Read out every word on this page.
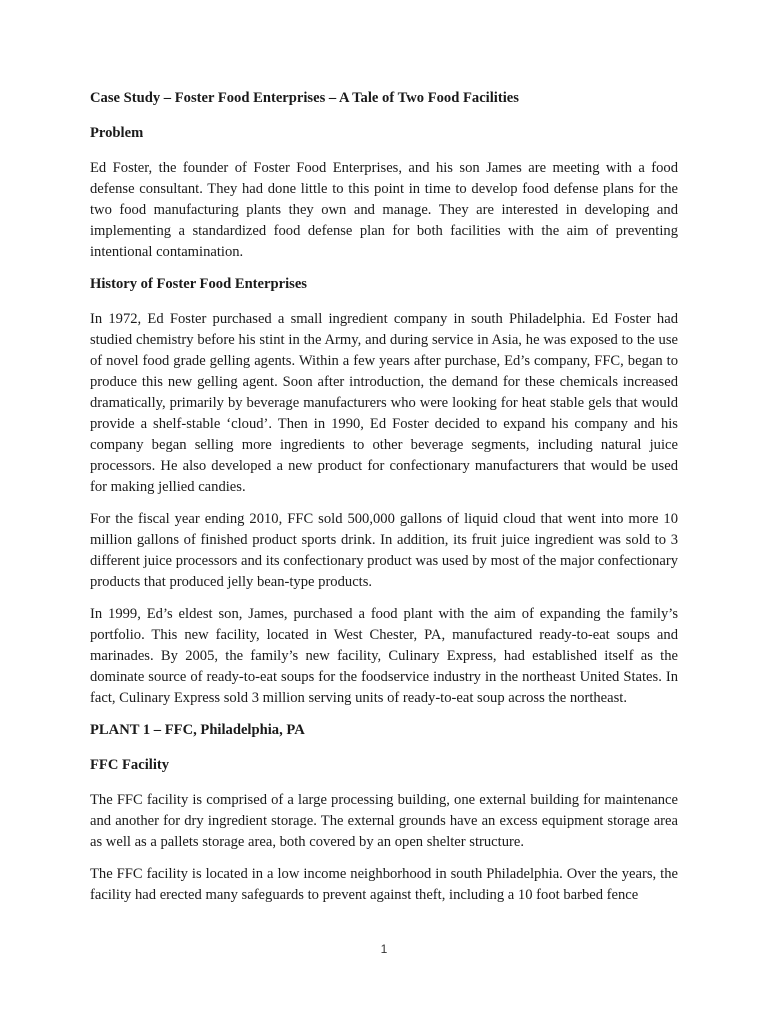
Case Study – Foster Food Enterprises – A Tale of Two Food Facilities

Problem

Ed Foster, the founder of Foster Food Enterprises, and his son James are meeting with a food defense consultant. They had done little to this point in time to develop food defense plans for the two food manufacturing plants they own and manage. They are interested in developing and implementing a standardized food defense plan for both facilities with the aim of preventing intentional contamination.

History of Foster Food Enterprises

In 1972, Ed Foster purchased a small ingredient company in south Philadelphia. Ed Foster had studied chemistry before his stint in the Army, and during service in Asia, he was exposed to the use of novel food grade gelling agents. Within a few years after purchase, Ed’s company, FFC, began to produce this new gelling agent. Soon after introduction, the demand for these chemicals increased dramatically, primarily by beverage manufacturers who were looking for heat stable gels that would provide a shelf-stable ‘cloud’. Then in 1990, Ed Foster decided to expand his company and his company began selling more ingredients to other beverage segments, including natural juice processors. He also developed a new product for confectionary manufacturers that would be used for making jellied candies.

For the fiscal year ending 2010, FFC sold 500,000 gallons of liquid cloud that went into more 10 million gallons of finished product sports drink. In addition, its fruit juice ingredient was sold to 3 different juice processors and its confectionary product was used by most of the major confectionary products that produced jelly bean-type products.

In 1999, Ed’s eldest son, James, purchased a food plant with the aim of expanding the family’s portfolio. This new facility, located in West Chester, PA, manufactured ready-to-eat soups and marinades. By 2005, the family’s new facility, Culinary Express, had established itself as the dominate source of ready-to-eat soups for the foodservice industry in the northeast United States. In fact, Culinary Express sold 3 million serving units of ready-to-eat soup across the northeast.

PLANT 1 – FFC, Philadelphia, PA

FFC Facility

The FFC facility is comprised of a large processing building, one external building for maintenance and another for dry ingredient storage. The external grounds have an excess equipment storage area as well as a pallets storage area, both covered by an open shelter structure.

The FFC facility is located in a low income neighborhood in south Philadelphia. Over the years, the facility had erected many safeguards to prevent against theft, including a 10 foot barbed fence

1
